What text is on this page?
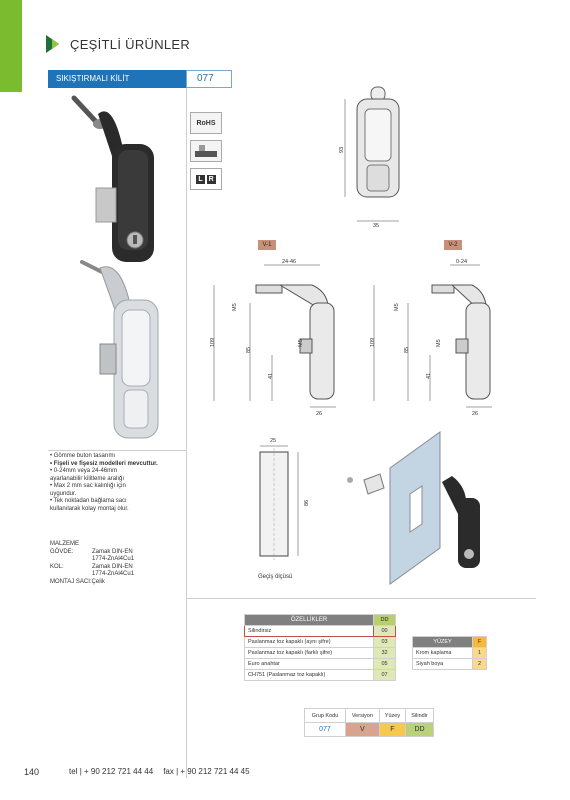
ÇEŞİTLİ ÜRÜNLER
SIKIŞTIRMALI KİLİT	077
RoHS
L R
93
35
V-1	V-2
24-46
M5
M5
109
85
41
26
0-24
M5
M5
109
85
41
26
25
86
Geçiş ölçüsü
• Gömme buton tasarımı
• Fişeli ve fişesiz modelleri mevcuttur.
• 0-24mm veya 24-46mm
ayarlanabilir kilitleme aralığı
• Max 2 mm sac kalınlığı için
uygundur.
• Tek noktadan bağlama sacı
kullanılarak kolay montaj olur.
MALZEME
GÖVDE:	Zamak DIN-EN
1774-ZnAl4Cu1
KOL:	Zamak DIN-EN
1774-ZnAl4Cu1
MONTAJ SACI:Çelik
ÖZELLİKLER	DD
Silindirsiz	00
Paslanmaz toz kapaklı (aynı şifre)	03
Paslanmaz toz kapaklı (farklı şifre)	32
Euro anahtar	05
CH751 (Paslanmaz toz kapaklı)	07
YÜZEY	F
Krom kaplama	1
Siyah boya	2
Grup Kodu	Versiyon	Yüzey	Silindir
077	V	F	DD
140	tel | + 90 212 721 44 44 fax | + 90 212 721 44 45
